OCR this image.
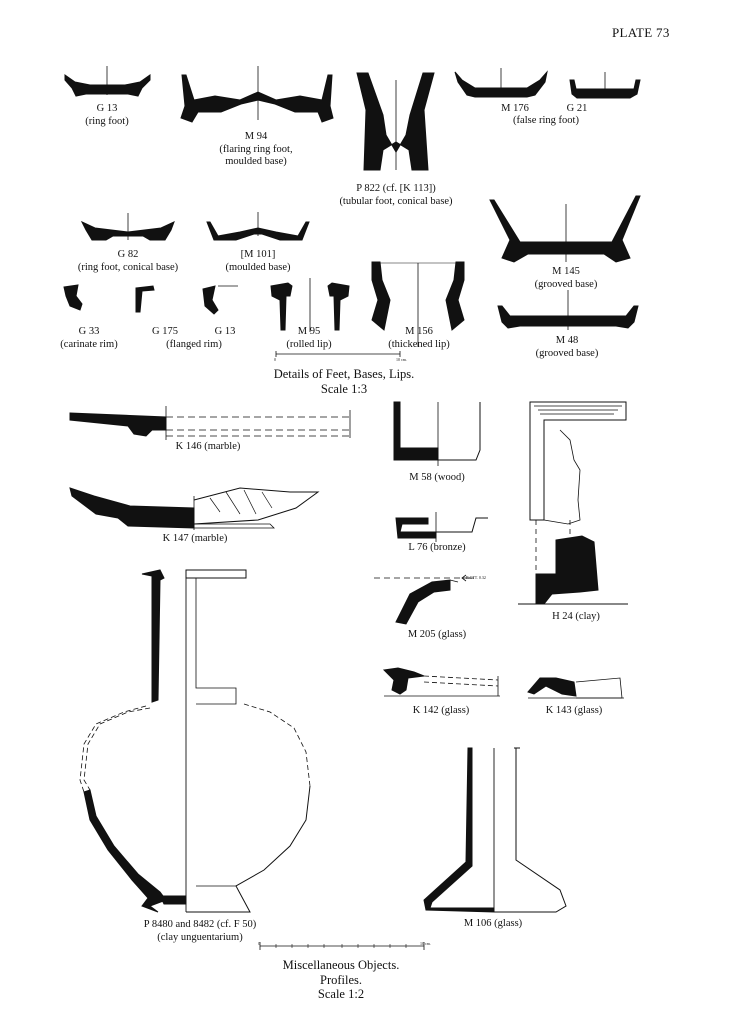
PLATE 73
G 13
(ring foot)
M 94
(flaring ring foot,
moulded base)
P 822 (cf. [K 113])
(tubular foot, conical base)
M 176	G 21
(false ring foot)
G 82
(ring foot, conical base)
[M 101]
(moulded base)	M 145
(grooved base)
G 33
(carinate rim)
G 175	G 13
(flanged rim)
M 95
(rolled lip)
M 156
(thickened lip)	M 48
(grooved base)
0	10 cm.
Details of Feet, Bases, Lips.
Scale 1:3
K 146 (marble)
K 147 (marble)
M 58 (wood)
L 76 (bronze)
B.CTT. 0.32
M 205 (glass)
H 24 (clay)
K 142 (glass)	K 143 (glass)
P 8480 and 8482 (cf. F 50)
(clay unguentarium)
M 106 (glass)
0	10 cm.
Miscellaneous Objects.
Profiles.
Scale 1:2
